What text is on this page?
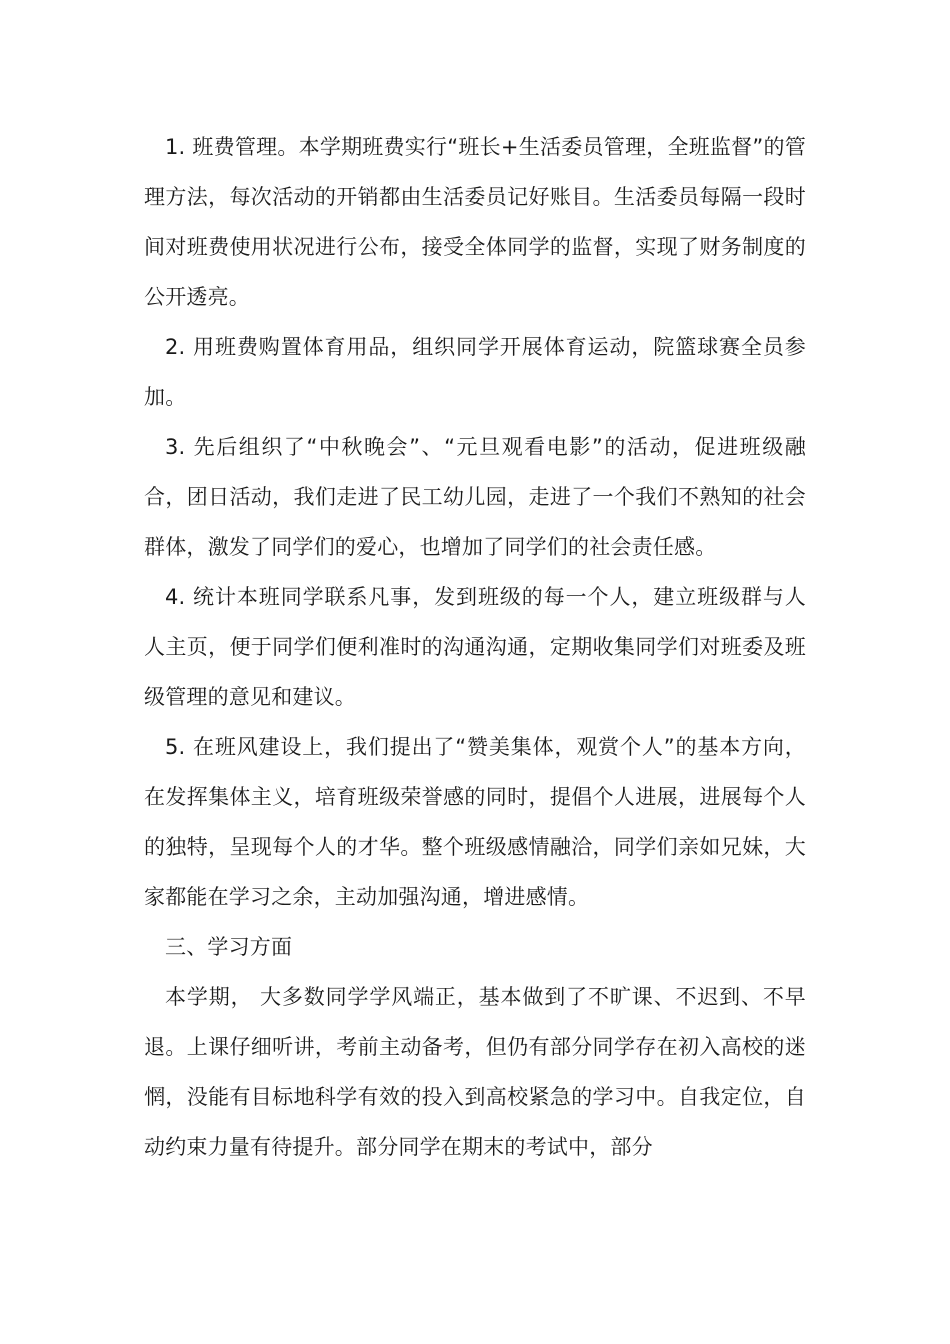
1. 班费管理。本学期班费实行“班长+生活委员管理，全班监督”的管理方法，每次活动的开销都由生活委员记好账目。生活委员每隔一段时间对班费使用状况进行公布，接受全体同学的监督，实现了财务制度的公开透亮。

2. 用班费购置体育用品，组织同学开展体育运动，院篮球赛全员参加。

3. 先后组织了“中秋晚会”、“元旦观看电影”的活动，促进班级融合，团日活动，我们走进了民工幼儿园，走进了一个我们不熟知的社会群体，激发了同学们的爱心，也增加了同学们的社会责任感。

4. 统计本班同学联系凡事，发到班级的每一个人，建立班级群与人人主页，便于同学们便利准时的沟通沟通，定期收集同学们对班委及班级管理的意见和建议。

5. 在班风建设上，我们提出了“赞美集体，观赏个人”的基本方向，在发挥集体主义，培育班级荣誉感的同时，提倡个人进展，进展每个人的独特，呈现每个人的才华。整个班级感情融洽，同学们亲如兄妹，大家都能在学习之余，主动加强沟通，增进感情。

三、学习方面

本学期， 大多数同学学风端正，基本做到了不旷课、不迟到、不早退。上课仔细听讲，考前主动备考，但仍有部分同学存在初入高校的迷惘，没能有目标地科学有效的投入到高校紧急的学习中。自我定位，自动约束力量有待提升。部分同学在期末的考试中，部分
